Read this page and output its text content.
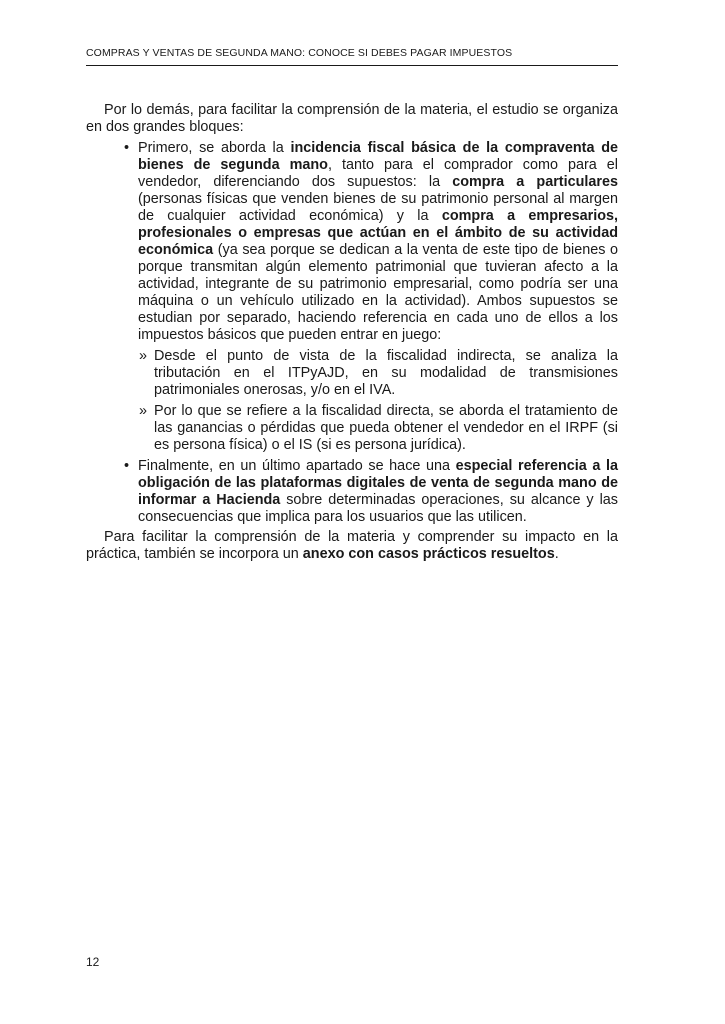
COMPRAS Y VENTAS DE SEGUNDA MANO: CONOCE SI DEBES PAGAR IMPUESTOS

Por lo demás, para facilitar la comprensión de la materia, el estudio se organiza en dos grandes bloques:

• Primero, se aborda la incidencia fiscal básica de la compraventa de bienes de segunda mano, tanto para el comprador como para el vendedor, diferenciando dos supuestos: la compra a particulares (personas físicas que venden bienes de su patrimonio personal al margen de cualquier actividad económica) y la compra a empresarios, profesionales o empresas que actúan en el ámbito de su actividad económica (ya sea porque se dedican a la venta de este tipo de bienes o porque transmitan algún elemento patrimonial que tuvieran afecto a la actividad, integrante de su patrimonio empresarial, como podría ser una máquina o un vehículo utilizado en la actividad). Ambos supuestos se estudian por separado, haciendo referencia en cada uno de ellos a los impuestos básicos que pueden entrar en juego:
» Desde el punto de vista de la fiscalidad indirecta, se analiza la tributación en el ITPyAJD, en su modalidad de transmisiones patrimoniales onerosas, y/o en el IVA.
» Por lo que se refiere a la fiscalidad directa, se aborda el tratamiento de las ganancias o pérdidas que pueda obtener el vendedor en el IRPF (si es persona física) o el IS (si es persona jurídica).
• Finalmente, en un último apartado se hace una especial referencia a la obligación de las plataformas digitales de venta de segunda mano de informar a Hacienda sobre determinadas operaciones, su alcance y las consecuencias que implica para los usuarios que las utilicen.

Para facilitar la comprensión de la materia y comprender su impacto en la práctica, también se incorpora un anexo con casos prácticos resueltos.

12
